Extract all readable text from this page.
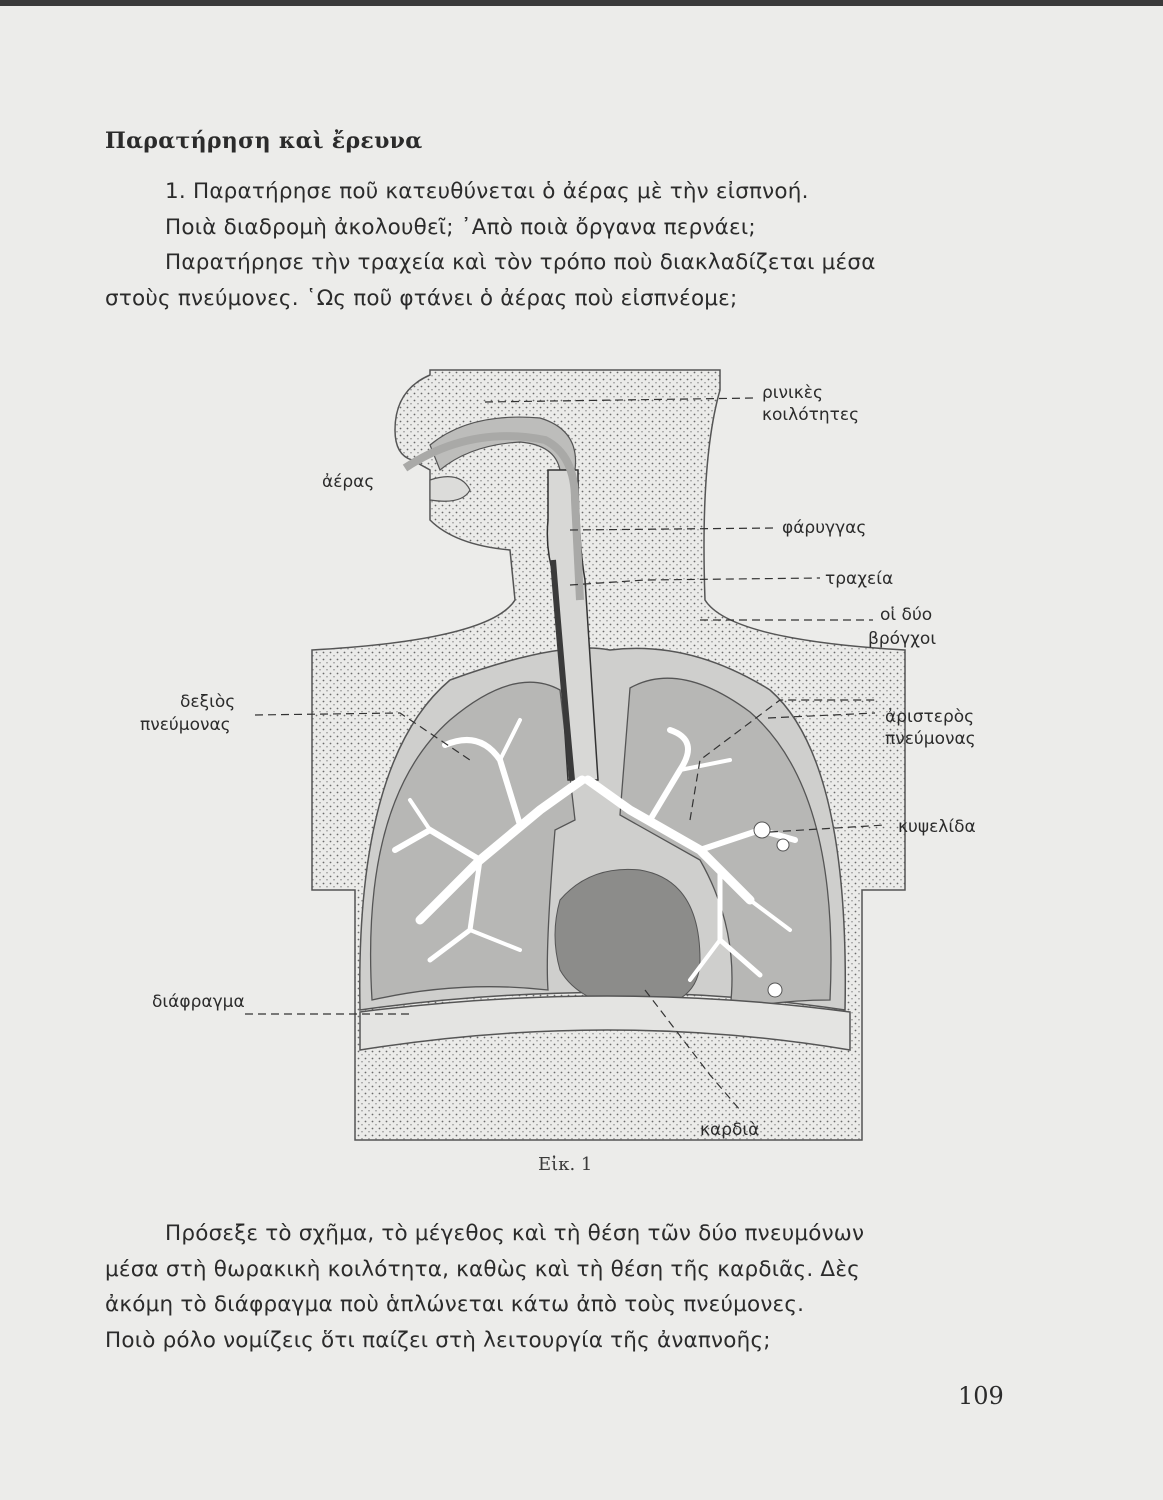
Παρατήρηση καὶ ἔρευνα
1. Παρατήρησε ποῦ κατευθύνεται ὁ ἀέρας μὲ τὴν εἰσπνοή.
Ποιὰ διαδρομὴ ἀκολουθεῖ; ᾿Απὸ ποιὰ ὄργανα περνάει;
Παρατήρησε τὴν τραχεία καὶ τὸν τρόπο ποὺ διακλαδίζεται μέσα
στοὺς πνεύμονες. ῾Ως ποῦ φτάνει ὁ ἀέρας ποὺ εἰσπνέομε;
ρινικὲς
κοιλότητες
ἀέρας
φάρυγγας
τραχεία
οἱ δύο
βρόγχοι
δεξιὸς
πνεύμονας	ἀριστερὸς
πνεύμονας
κυψελίδα
διάφραγμα
καρδιὰ
Εἰκ. 1
Πρόσεξε τὸ σχῆμα, τὸ μέγεθος καὶ τὴ θέση τῶν δύο πνευμόνων
μέσα στὴ θωρακικὴ κοιλότητα, καθὼς καὶ τὴ θέση τῆς καρδιᾶς. Δὲς
ἀκόμη τὸ διάφραγμα ποὺ ἁπλώνεται κάτω ἀπὸ τοὺς πνεύμονες.
Ποιὸ ρόλο νομίζεις ὅτι παίζει στὴ λειτουργία τῆς ἀναπνοῆς;
109
